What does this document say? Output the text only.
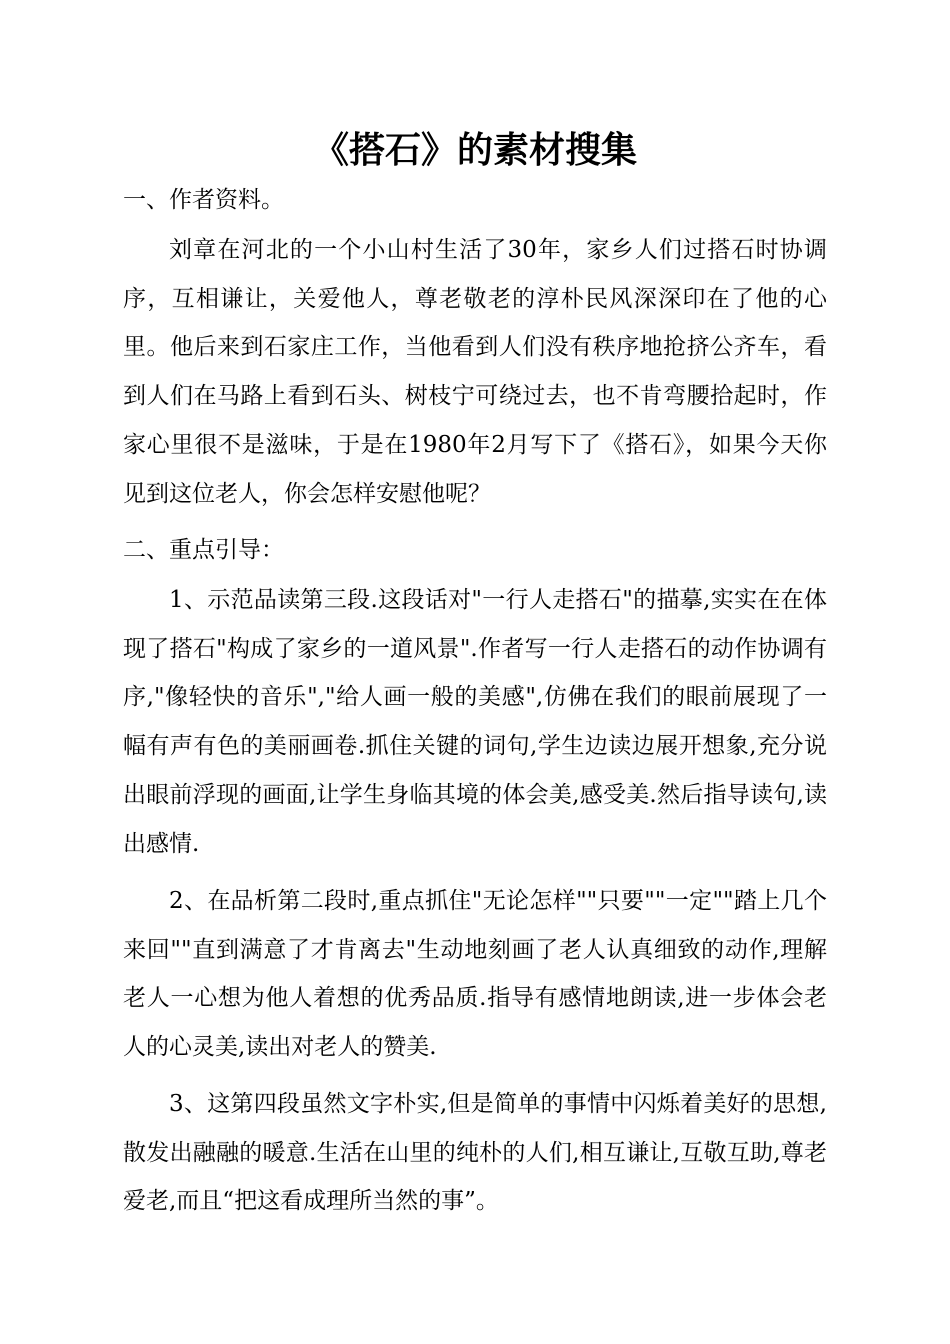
《搭石》的素材搜集
一、作者资料。

刘章在河北的一个小山村生活了30年，家乡人们过搭石时协调序，互相谦让，关爱他人，尊老敬老的淳朴民风深深印在了他的心里。他后来到石家庄工作，当他看到人们没有秩序地抢挤公齐车，看到人们在马路上看到石头、树枝宁可绕过去，也不肯弯腰拾起时，作家心里很不是滋味，于是在1980年2月写下了《搭石》，如果今天你见到这位老人，你会怎样安慰他呢？

二、重点引导：

1、示范品读第三段.这段话对"一行人走搭石"的描摹,实实在在体现了搭石"构成了家乡的一道风景".作者写一行人走搭石的动作协调有序,"像轻快的音乐","给人画一般的美感",仿佛在我们的眼前展现了一幅有声有色的美丽画卷.抓住关键的词句,学生边读边展开想象,充分说出眼前浮现的画面,让学生身临其境的体会美,感受美.然后指导读句,读出感情.

2、在品析第二段时,重点抓住"无论怎样""只要""一定""踏上几个来回""直到满意了才肯离去"生动地刻画了老人认真细致的动作,理解老人一心想为他人着想的优秀品质.指导有感情地朗读,进一步体会老人的心灵美,读出对老人的赞美.

3、这第四段虽然文字朴实,但是简单的事情中闪烁着美好的思想,散发出融融的暖意.生活在山里的纯朴的人们,相互谦让,互敬互助,尊老爱老,而且“把这看成理所当然的事”。
